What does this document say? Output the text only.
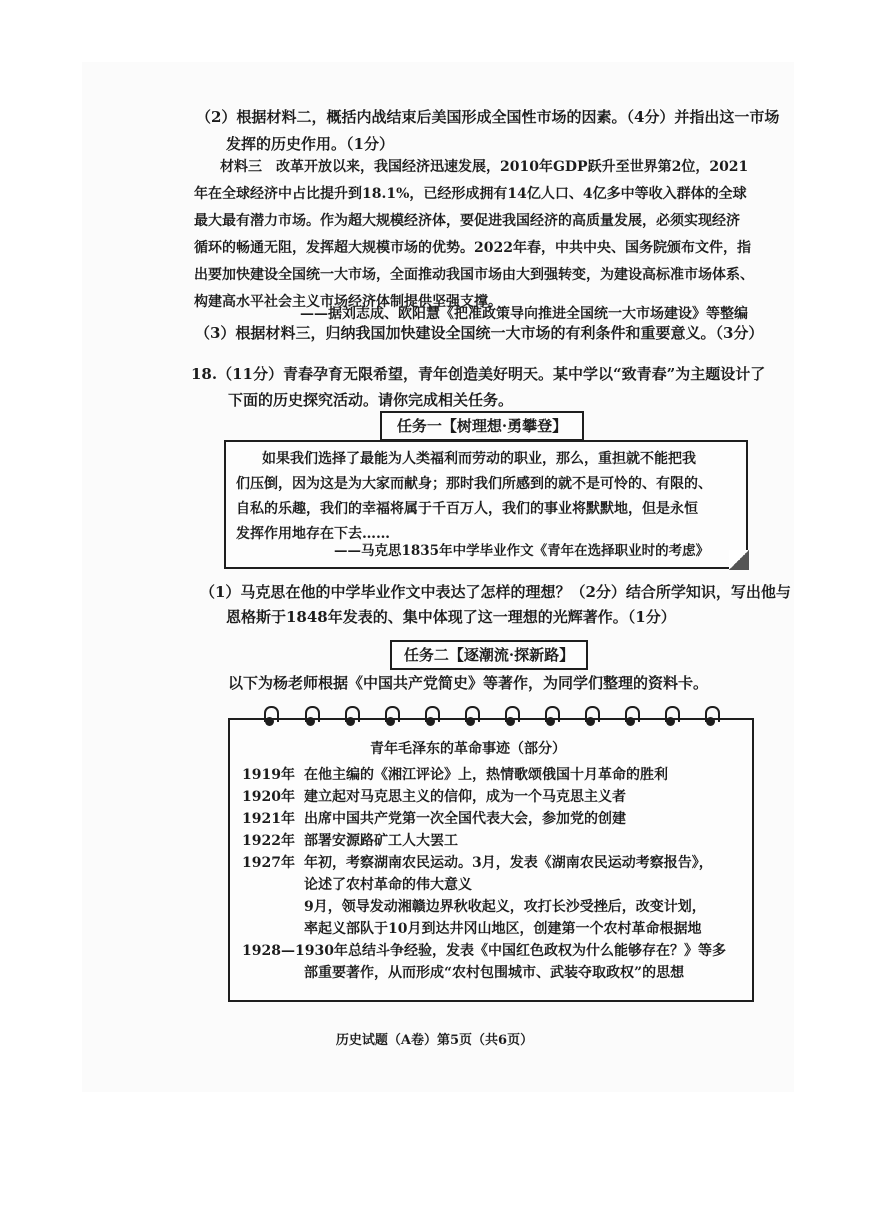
（2）根据材料二，概括内战结束后美国形成全国性市场的因素。（4分）并指出这一市场
发挥的历史作用。（1分）
材料三　改革开放以来，我国经济迅速发展，2010年GDP跃升至世界第2位，2021
年在全球经济中占比提升到18.1%，已经形成拥有14亿人口、4亿多中等收入群体的全球
最大最有潜力市场。作为超大规模经济体，要促进我国经济的高质量发展，必须实现经济
循环的畅通无阻，发挥超大规模市场的优势。2022年春，中共中央、国务院颁布文件，指
出要加快建设全国统一大市场，全面推动我国市场由大到强转变，为建设高标准市场体系、
构建高水平社会主义市场经济体制提供坚强支撑。
——据刘志成、欧阳慧《把准政策导向推进全国统一大市场建设》等整编
（3）根据材料三，归纳我国加快建设全国统一大市场的有利条件和重要意义。（3分）
18.（11分）青春孕育无限希望，青年创造美好明天。某中学以“致青春”为主题设计了
下面的历史探究活动。请你完成相关任务。
任务一【树理想·勇攀登】
如果我们选择了最能为人类福利而劳动的职业，那么，重担就不能把我
们压倒，因为这是为大家而献身；那时我们所感到的就不是可怜的、有限的、
自私的乐趣，我们的幸福将属于千百万人，我们的事业将默默地，但是永恒
发挥作用地存在下去……
——马克思1835年中学毕业作文《青年在选择职业时的考虑》
（1）马克思在他的中学毕业作文中表达了怎样的理想？（2分）结合所学知识，写出他与
恩格斯于1848年发表的、集中体现了这一理想的光辉著作。（1分）
任务二【逐潮流·探新路】
以下为杨老师根据《中国共产党简史》等著作，为同学们整理的资料卡。
青年毛泽东的革命事迹（部分）
1919年 在他主编的《湘江评论》上，热情歌颂俄国十月革命的胜利
1920年 建立起对马克思主义的信仰，成为一个马克思主义者
1921年 出席中国共产党第一次全国代表大会，参加党的创建
1922年 部署安源路矿工人大罢工
1927年 年初，考察湖南农民运动。3月，发表《湖南农民运动考察报告》，
论述了农村革命的伟大意义
9月，领导发动湘赣边界秋收起义，攻打长沙受挫后，改变计划，
率起义部队于10月到达井冈山地区，创建第一个农村革命根据地
1928—1930年 总结斗争经验，发表《中国红色政权为什么能够存在？》等多
部重要著作，从而形成“农村包围城市、武装夺取政权”的思想
历史试题（A卷）第5页（共6页）
